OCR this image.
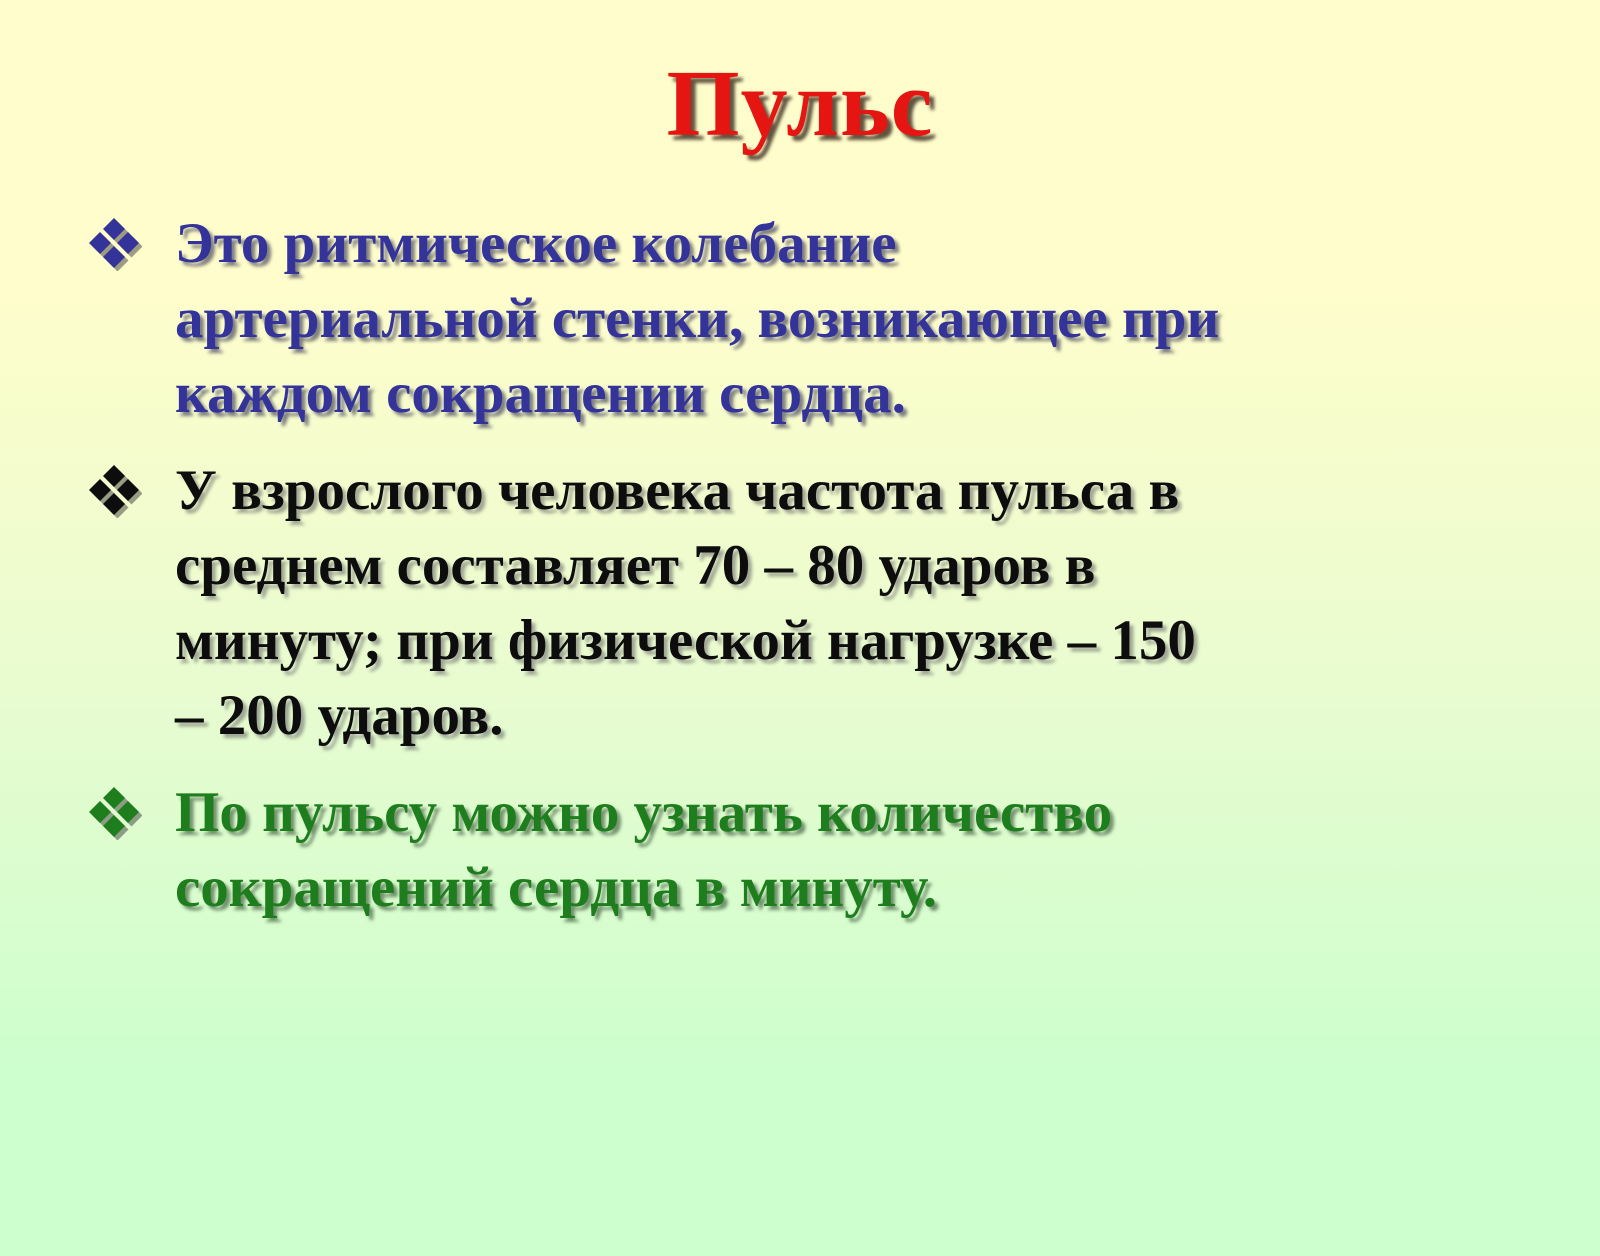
Пульс
Это ритмическое колебание
артериальной стенки, возникающее при
каждом сокращении сердца.
У взрослого человека частота пульса в
среднем составляет 70 – 80 ударов в
минуту; при физической нагрузке – 150
– 200 ударов.
По пульсу можно узнать количество
сокращений сердца в минуту.
